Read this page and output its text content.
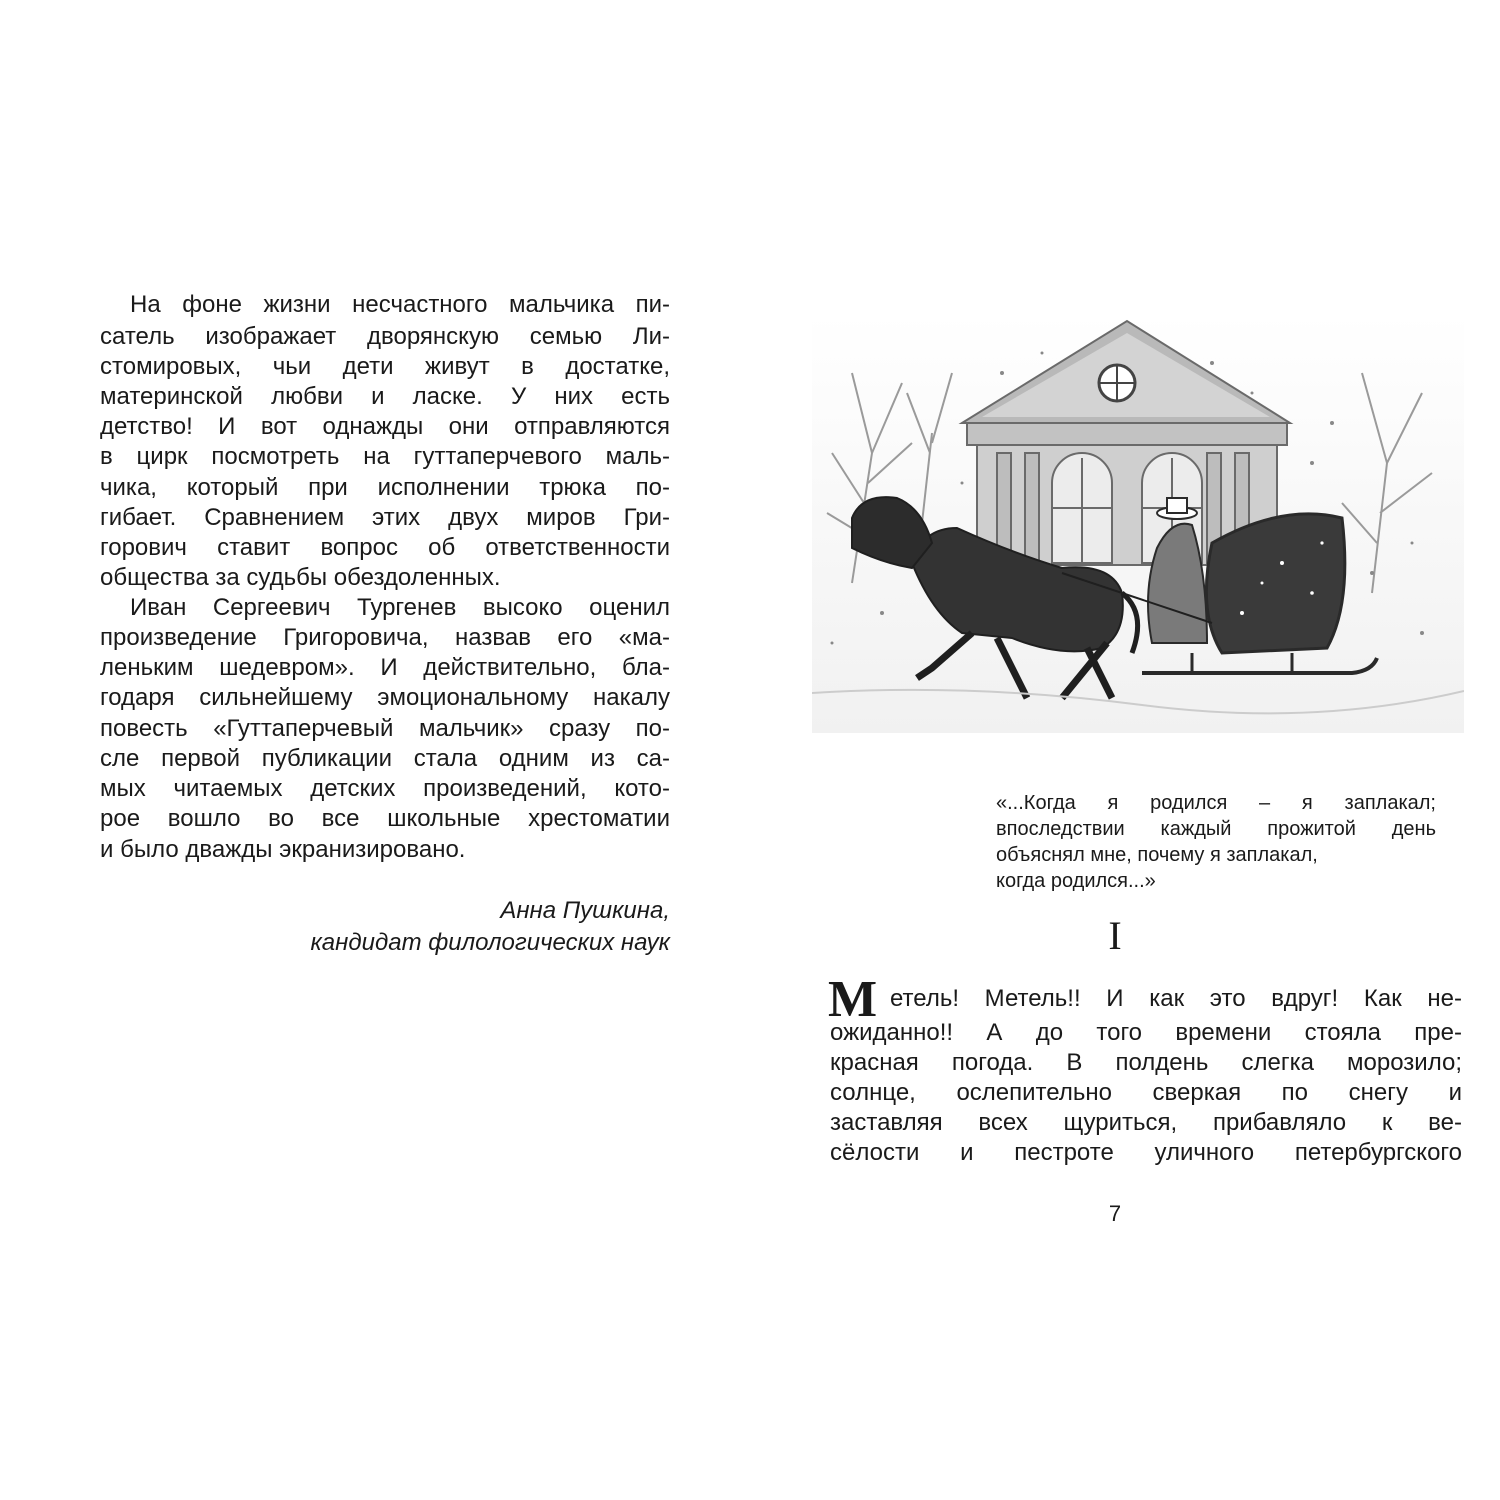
На фоне жизни несчастного мальчика пи-
сатель изображает дворянскую семью Ли-
стомировых, чьи дети живут в достатке,
материнской любви и ласке. У них есть
детство! И вот однажды они отправляются
в цирк посмотреть на гуттаперчевого маль-
чика, который при исполнении трюка по-
гибает. Сравнением этих двух миров Гри-
горович ставит вопрос об ответственности
общества за судьбы обездоленных.
Иван Сергеевич Тургенев высоко оценил
произведение Григоровича, назвав его «ма-
леньким шедевром». И действительно, бла-
годаря сильнейшему эмоциональному накалу
повесть «Гуттаперчевый мальчик» сразу по-
сле первой публикации стала одним из са-
мых читаемых детских произведений, кото-
рое вошло во все школьные хрестоматии
и было дважды экранизировано.
Анна Пушкина,
кандидат филологических наук
«...Когда я родился – я заплакал;
впоследствии каждый прожитой день
объяснял мне, почему я заплакал,
когда родился...»
I
М етель! Метель!! И как это вдруг! Как не-
ожиданно!! А до того времени стояла пре-
красная погода. В полдень слегка морозило;
солнце, ослепительно сверкая по снегу и
заставляя всех щуриться, прибавляло к ве-
сёлости и пестроте уличного петербургского
7
